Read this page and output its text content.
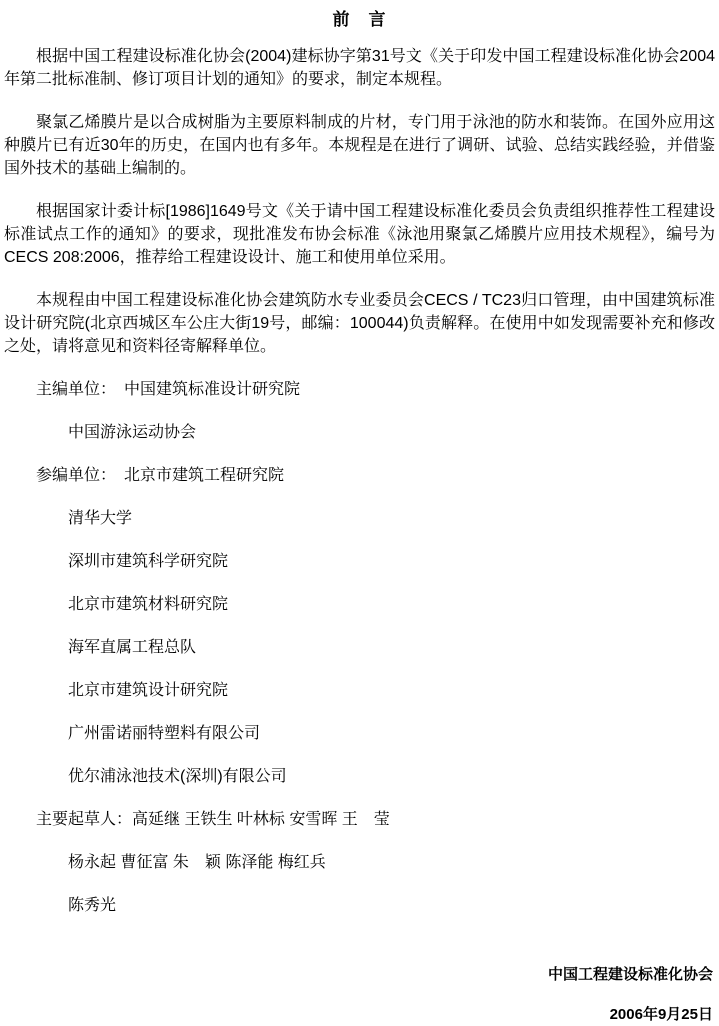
前　言

根据中国工程建设标准化协会(2004)建标协字第31号文《关于印发中国工程建设标准化协会2004年第二批标准制、修订项目计划的通知》的要求，制定本规程。

聚氯乙烯膜片是以合成树脂为主要原料制成的片材，专门用于泳池的防水和装饰。在国外应用这种膜片已有近30年的历史，在国内也有多年。本规程是在进行了调研、试验、总结实践经验，并借鉴国外技术的基础上编制的。

根据国家计委计标[1986]1649号文《关于请中国工程建设标准化委员会负责组织推荐性工程建设标准试点工作的通知》的要求，现批准发布协会标准《泳池用聚氯乙烯膜片应用技术规程》，编号为CECS 208:2006，推荐给工程建设设计、施工和使用单位采用。

本规程由中国工程建设标准化协会建筑防水专业委员会CECS / TC23归口管理，由中国建筑标准设计研究院(北京西城区车公庄大街19号，邮编：100044)负责解释。在使用中如发现需要补充和修改之处，请将意见和资料径寄解释单位。

主编单位：　中国建筑标准设计研究院

中国游泳运动协会

参编单位：　北京市建筑工程研究院

清华大学

深圳市建筑科学研究院

北京市建筑材料研究院

海军直属工程总队

北京市建筑设计研究院

广州雷诺丽特塑料有限公司

优尔浦泳池技术(深圳)有限公司

主要起草人：高延继 王铁生 叶林标 安雪晖 王　莹

杨永起 曹征富 朱　颖 陈泽能 梅红兵

陈秀光

中国工程建设标准化协会

2006年9月25日
